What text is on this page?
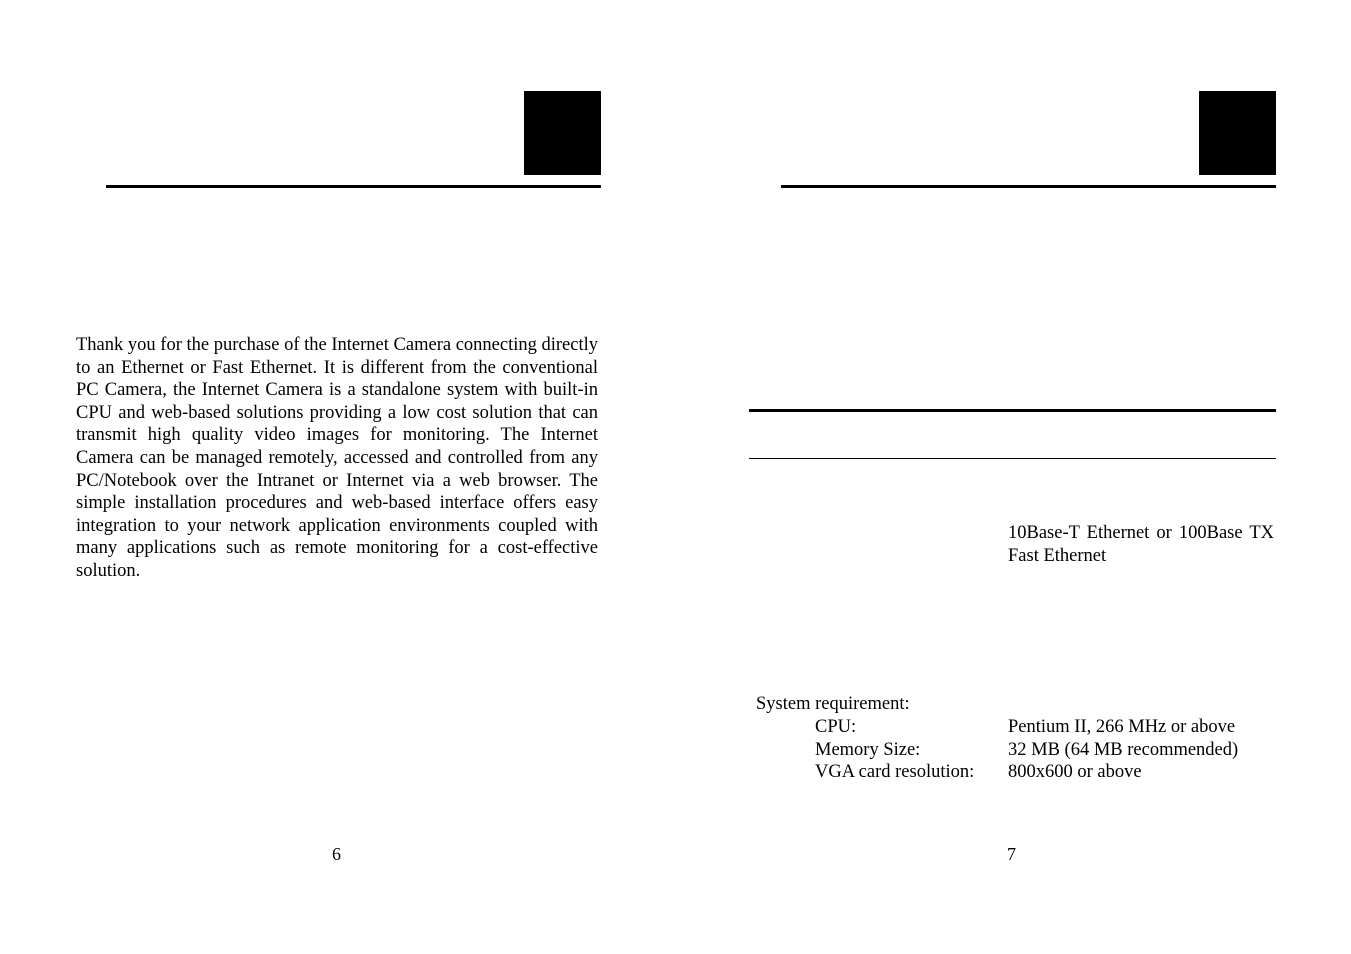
Thank you for the purchase of the Internet Camera connecting directly to an Ethernet or Fast Ethernet. It is different from the conventional PC Camera, the Internet Camera is a standalone system with built-in CPU and web-based solutions providing a low cost solution that can transmit high quality video images for monitoring. The Internet Camera can be managed remotely, accessed and controlled from any PC/Notebook over the Intranet or Internet via a web browser. The simple installation procedures and web-based interface offers easy integration to your network application environments coupled with many applications such as remote monitoring for a cost-effective solution.

6

10Base-T Ethernet or 100Base TX Fast Ethernet

System requirement:
CPU:	Pentium II, 266 MHz or above
Memory Size:	32 MB (64 MB recommended)
VGA card resolution: 800x600 or above
7
